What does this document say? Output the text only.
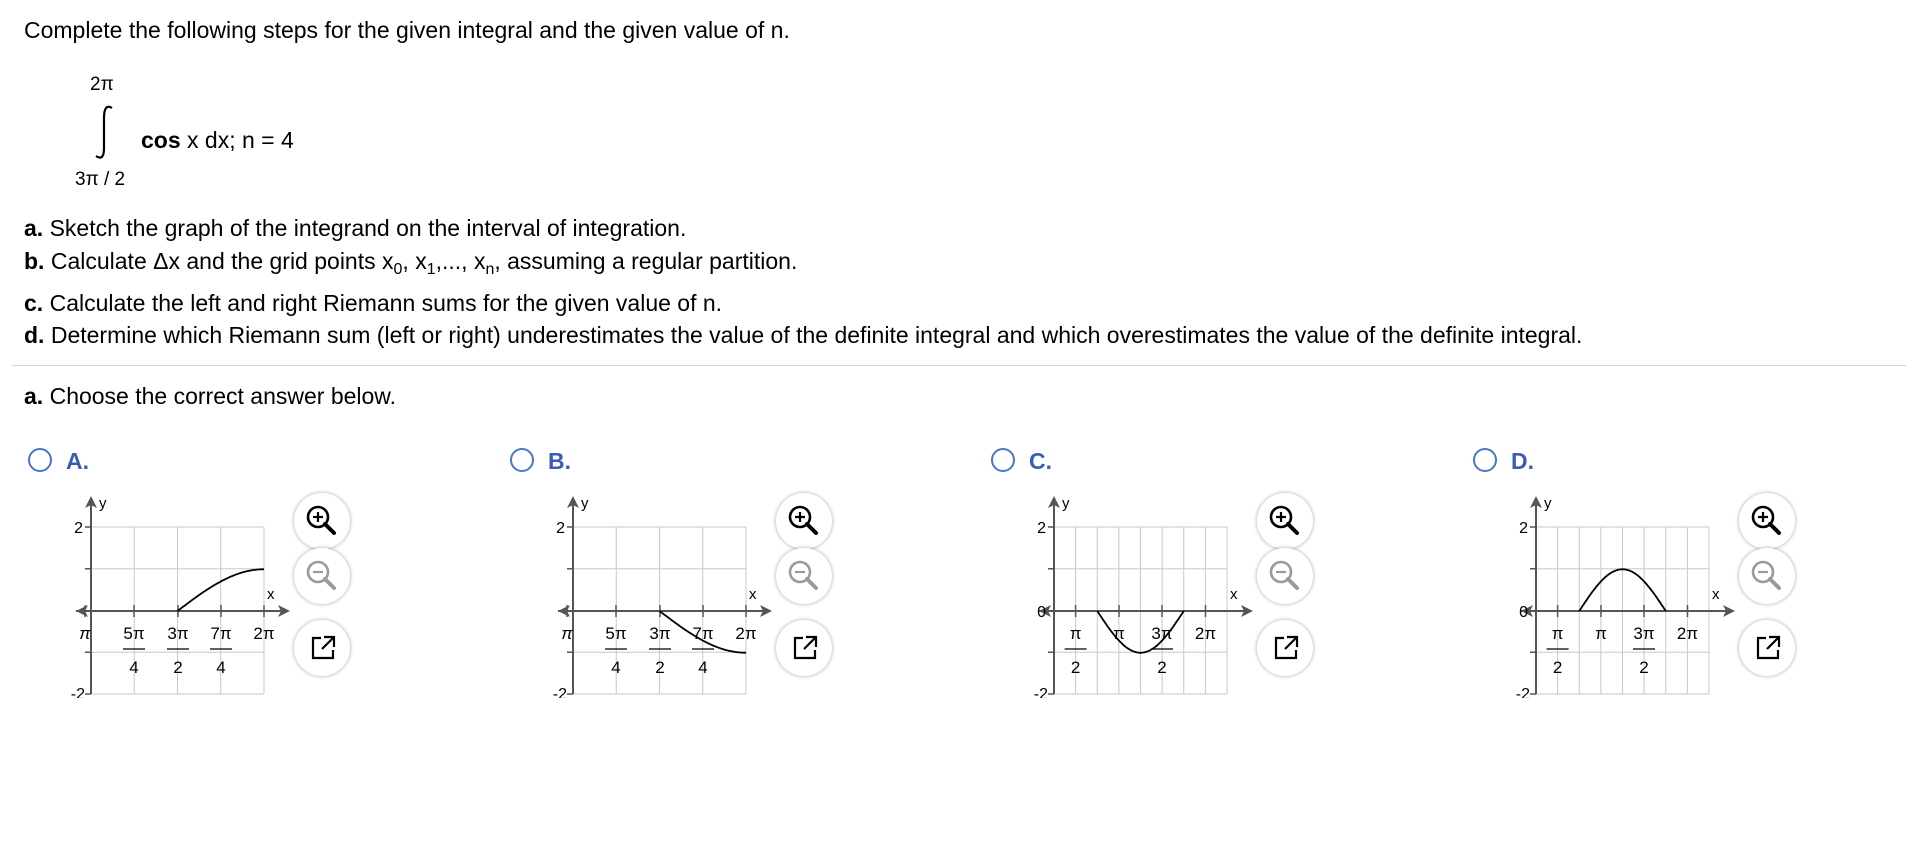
Complete the following steps for the given integral and the given value of n.
2π
3π / 2
cos x dx; n = 4
a. Sketch the graph of the integrand on the interval of integration.
b. Calculate Δx and the grid points $x_0$, $x_1$,..., $x_n$, assuming a regular partition.
c. Calculate the left and right Riemann sums for the given value of n.
d. Determine which Riemann sum (left or right) underestimates the value of the definite integral and which overestimates the value of the definite integral.
a. Choose the correct answer below.
A.
y
x
2
-2
π 5π
4
3π
2
7π
4
2π
B.
y
x
2
-2
π 5π
4
3π
2
7π
4
2π
C.
y
x
2
-2
0
π
2
π 3π
2
2π
D.
y
x
2
-2
0
π
2
π 3π
2
2π
